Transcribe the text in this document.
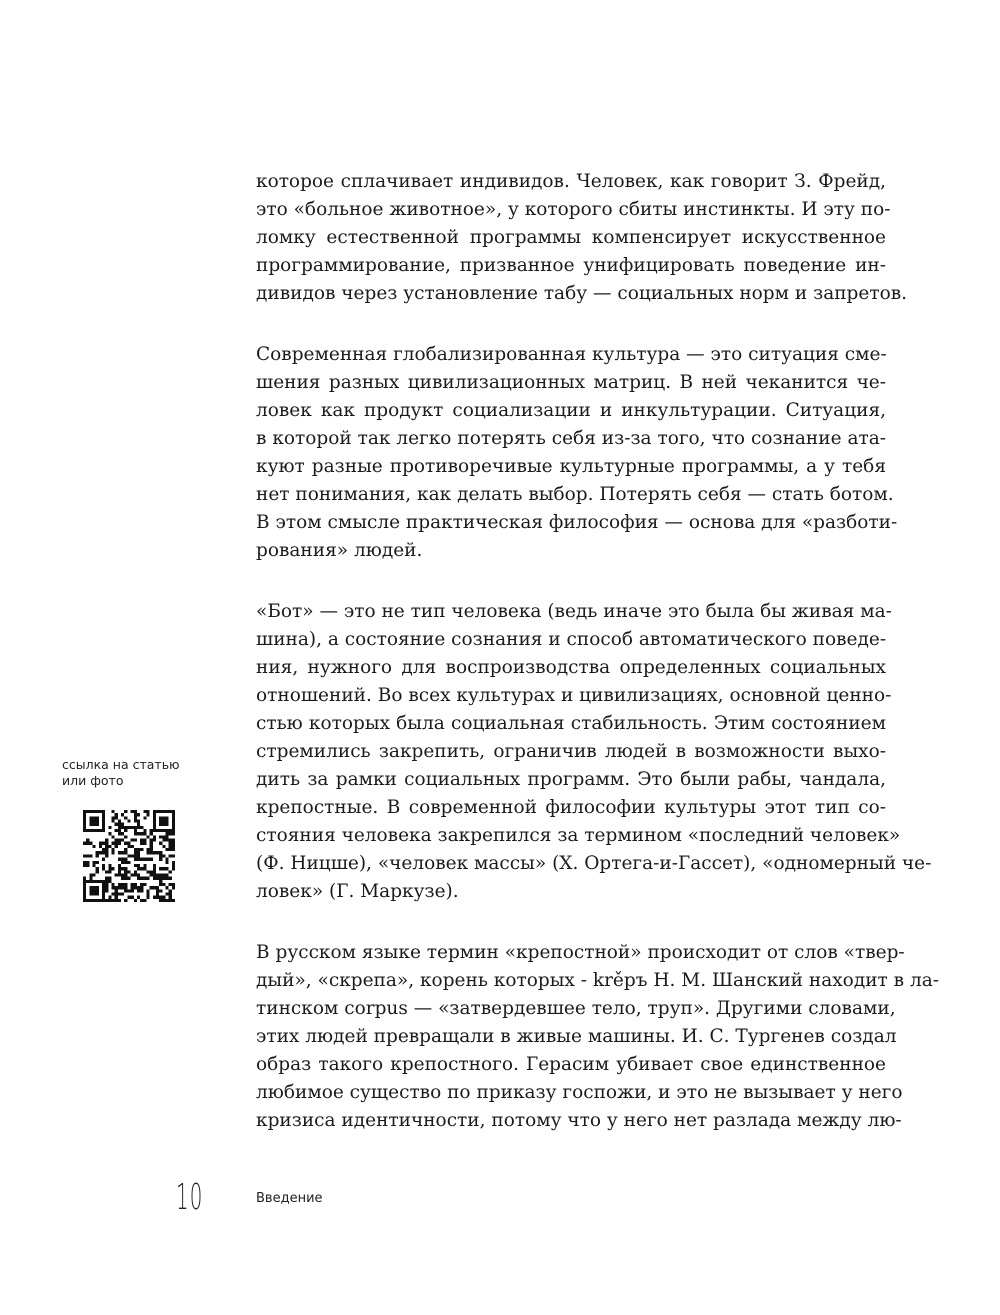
которое сплачивает индивидов. Человек, как говорит З. Фрейд,
это «больное животное», у которого сбиты инстинкты. И эту по-
ломку естественной программы компенсирует искусственное
программирование, призванное унифицировать поведение ин-
дивидов через установление табу — социальных норм и запретов.

Современная глобализированная культура — это ситуация сме-
шения разных цивилизационных матриц. В ней чеканится че-
ловек как продукт социализации и инкультурации. Ситуация,
в которой так легко потерять себя из-за того, что сознание ата-
куют разные противоречивые культурные программы, а у тебя
нет понимания, как делать выбор. Потерять себя — стать ботом.
В этом смысле практическая философия — основа для «разботи-
рования» людей.

«Бот» — это не тип человека (ведь иначе это была бы живая ма-
шина), а состояние сознания и способ автоматического поведе-
ния, нужного для воспроизводства определенных социальных
отношений. Во всех культурах и цивилизациях, основной ценно-
стью которых была социальная стабильность. Этим состоянием
стремились закрепить, ограничив людей в возможности выхо-
дить за рамки социальных программ. Это были рабы, чандала,
крепостные. В современной философии культуры этот тип со-
стояния человека закрепился за термином «последний человек»
(Ф. Ницше), «человек массы» (Х. Ортега-и-Гассет), «одномерный че-
ловек» (Г. Маркузе).

В русском языке термин «крепостной» происходит от слов «твер-
дый», «скрепа», корень которых - krěръ Н. М. Шанский находит в ла-
тинском corpus — «затвердевшее тело, труп». Другими словами,
этих людей превращали в живые машины. И. С. Тургенев создал
образ такого крепостного. Герасим убивает свое единственное
любимое существо по приказу госпожи, и это не вызывает у него
кризиса идентичности, потому что у него нет разлада между лю-

ссылка на статью
или фото
10	Введение
